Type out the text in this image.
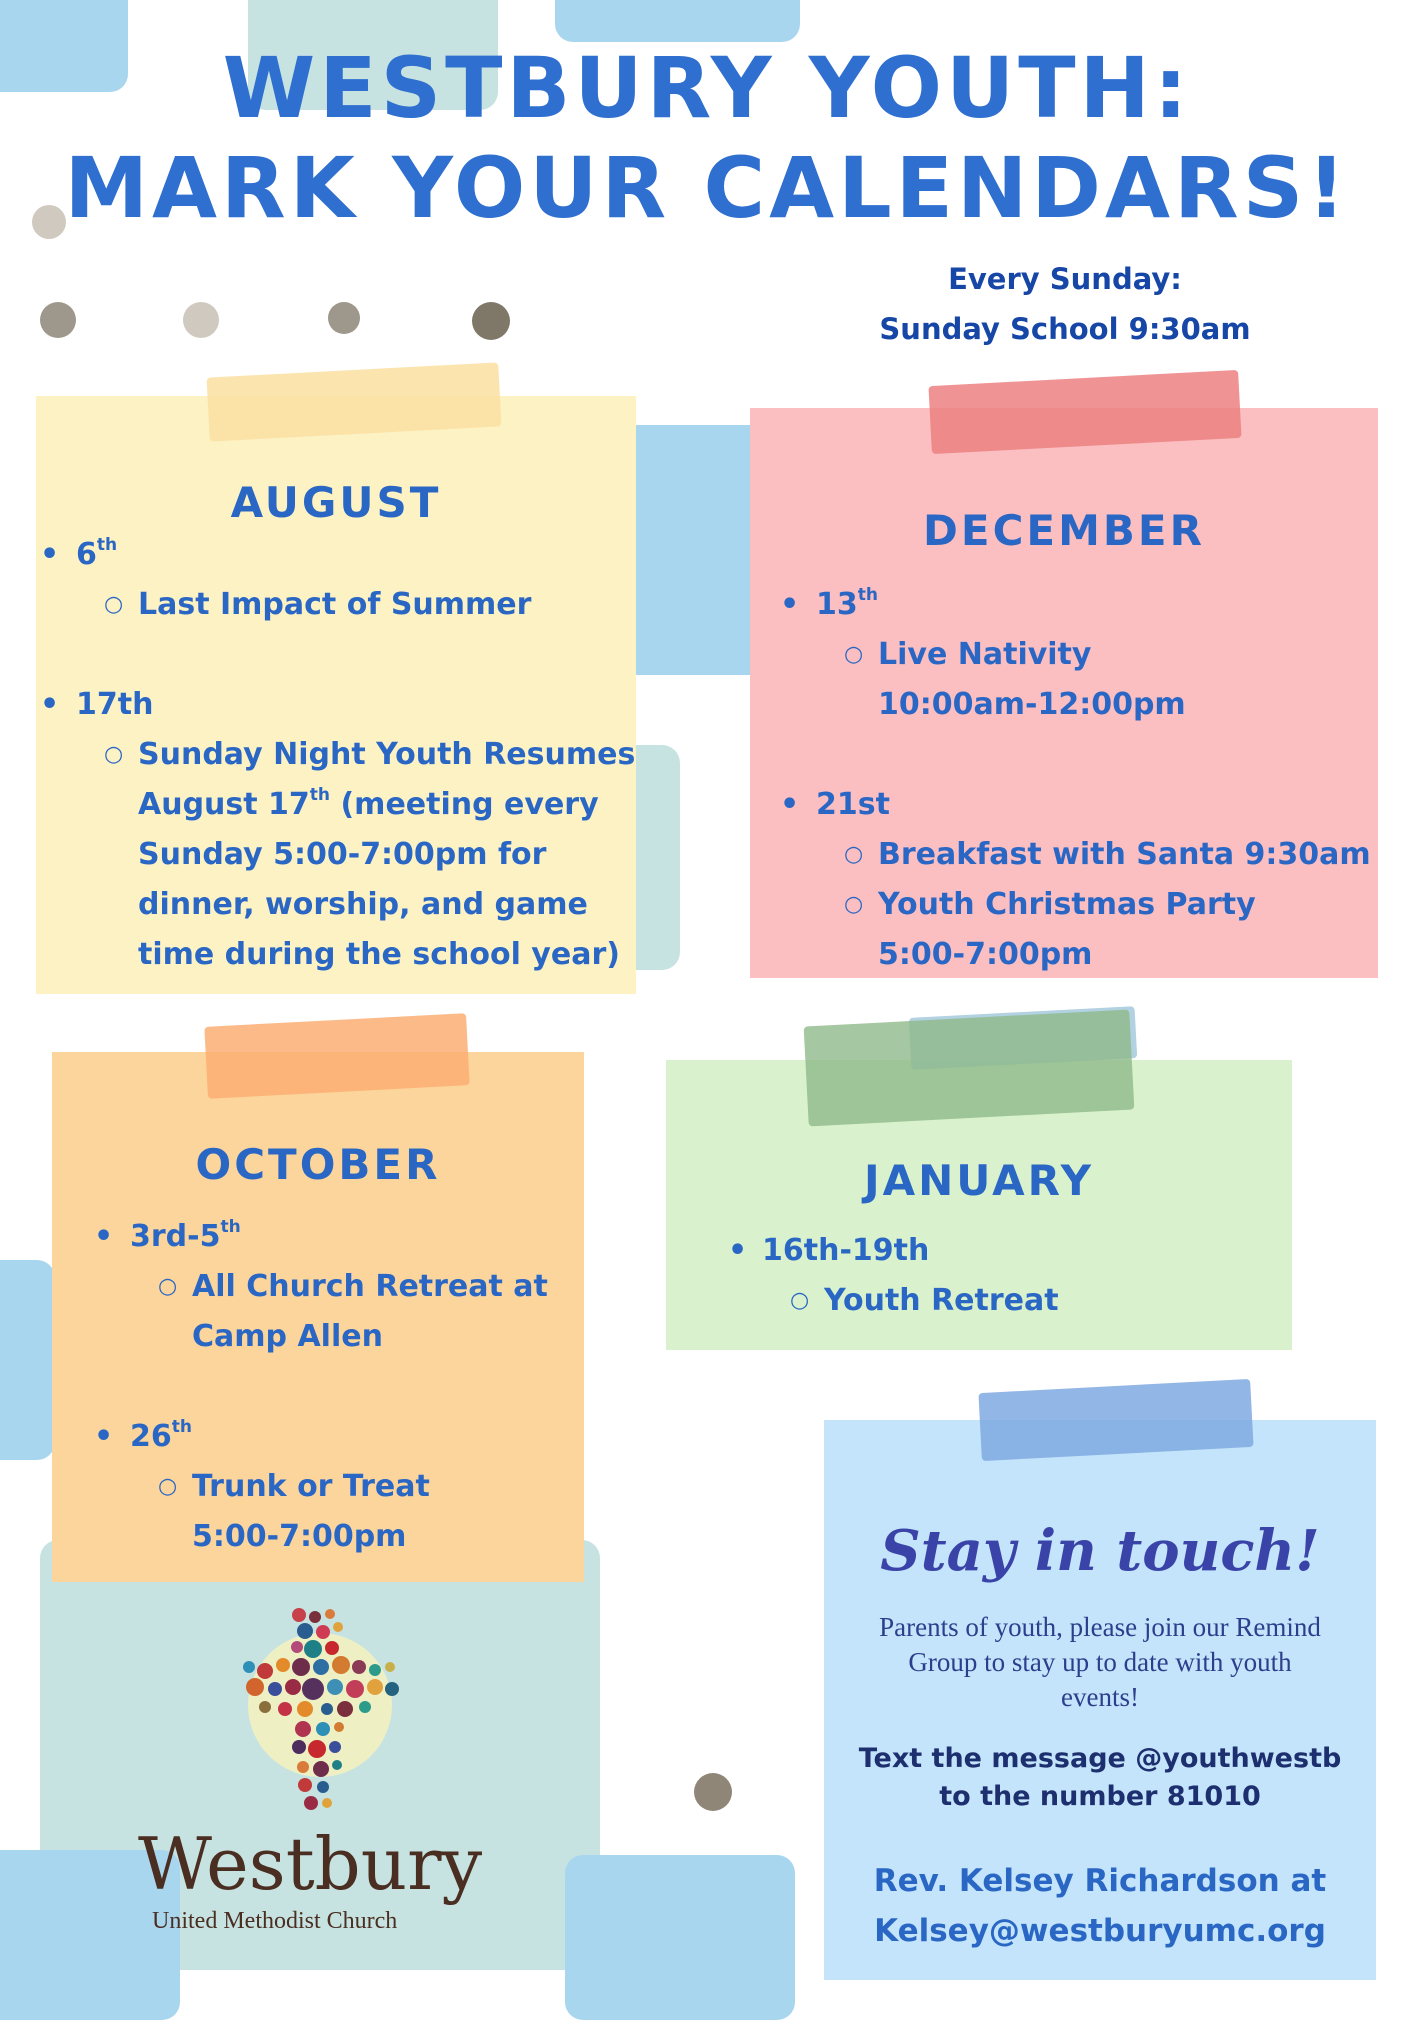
WESTBURY YOUTH:
MARK YOUR CALENDARS!
Every Sunday:
Sunday School 9:30am
AUGUST
• 6th
○ Last Impact of Summer
• 17th
○ Sunday Night Youth Resumes
August 17th (meeting every
Sunday 5:00-7:00pm for
dinner, worship, and game
time during the school year)
DECEMBER
• 13th
○ Live Nativity
10:00am-12:00pm
• 21st
○ Breakfast with Santa 9:30am
○ Youth Christmas Party
5:00-7:00pm
OCTOBER
• 3rd-5th
○ All Church Retreat at
Camp Allen
• 26th
○ Trunk or Treat
5:00-7:00pm
JANUARY
• 16th-19th
○ Youth Retreat
Stay in touch!
Parents of youth, please join our Remind
Group to stay up to date with youth
events!
Text the message @youthwestb
to the number 81010
Rev. Kelsey Richardson at
Kelsey@westburyumc.org
Westbury
United Methodist Church
